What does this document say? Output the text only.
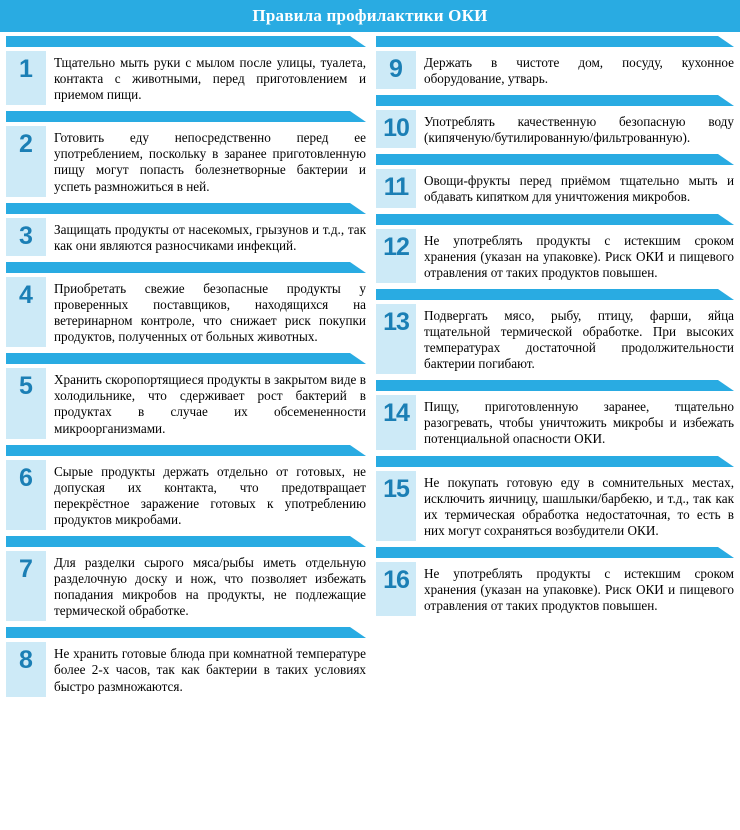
Правила профилактики ОКИ
1	Тщательно мыть руки с мылом после улицы, туалета, контакта с животными, перед приготовлением и приемом пищи.
2	Готовить еду непосредственно перед ее употреблением, поскольку в заранее приготовленную пищу могут попасть болезнетворные бактерии и успеть размножиться в ней.
3	Защищать продукты от насекомых, грызунов и т.д., так как они являются разносчиками инфекций.
4	Приобретать свежие безопасные продукты у проверенных поставщиков, находящихся на ветеринарном контроле, что снижает риск покупки продуктов, полученных от больных животных.
5	Хранить скоропортящиеся продукты в закрытом виде в холодильнике, что сдерживает рост бактерий в продуктах в случае их обсемененности микроорганизмами.
6	Сырые продукты держать отдельно от готовых, не допуская их контакта, что предотвращает перекрёстное заражение готовых к употреблению продуктов микробами.
7	Для разделки сырого мяса/рыбы иметь отдельную разделочную доску и нож, что позволяет избежать попадания микробов на продукты, не подлежащие термической обработке.
8	Не хранить готовые блюда при комнатной температуре более 2-х часов, так как бактерии в таких условиях быстро размножаются.
9	Держать в чистоте дом, посуду, кухонное оборудование, утварь.
10	Употреблять качественную безопасную воду (кипяченую/бутилированную/фильтрованную).
11	Овощи-фрукты перед приёмом тщательно мыть и обдавать кипятком для уничтожения микробов.
12	Не употреблять продукты с истекшим сроком хранения (указан на упаковке). Риск ОКИ и пищевого отравления от таких продуктов повышен.
13	Подвергать мясо, рыбу, птицу, фарши, яйца тщательной термической обработке. При высоких температурах достаточной продолжительности бактерии погибают.
14	Пищу, приготовленную заранее, тщательно разогревать, чтобы уничтожить микробы и избежать потенциальной опасности ОКИ.
15	Не покупать готовую еду в сомнительных местах, исключить яичницу, шашлыки/барбекю, и т.д., так как их термическая обработка недостаточная, то есть в них могут сохраняться возбудители ОКИ.
16	Не употреблять продукты с истекшим сроком хранения (указан на упаковке). Риск ОКИ и пищевого отравления от таких продуктов повышен.
